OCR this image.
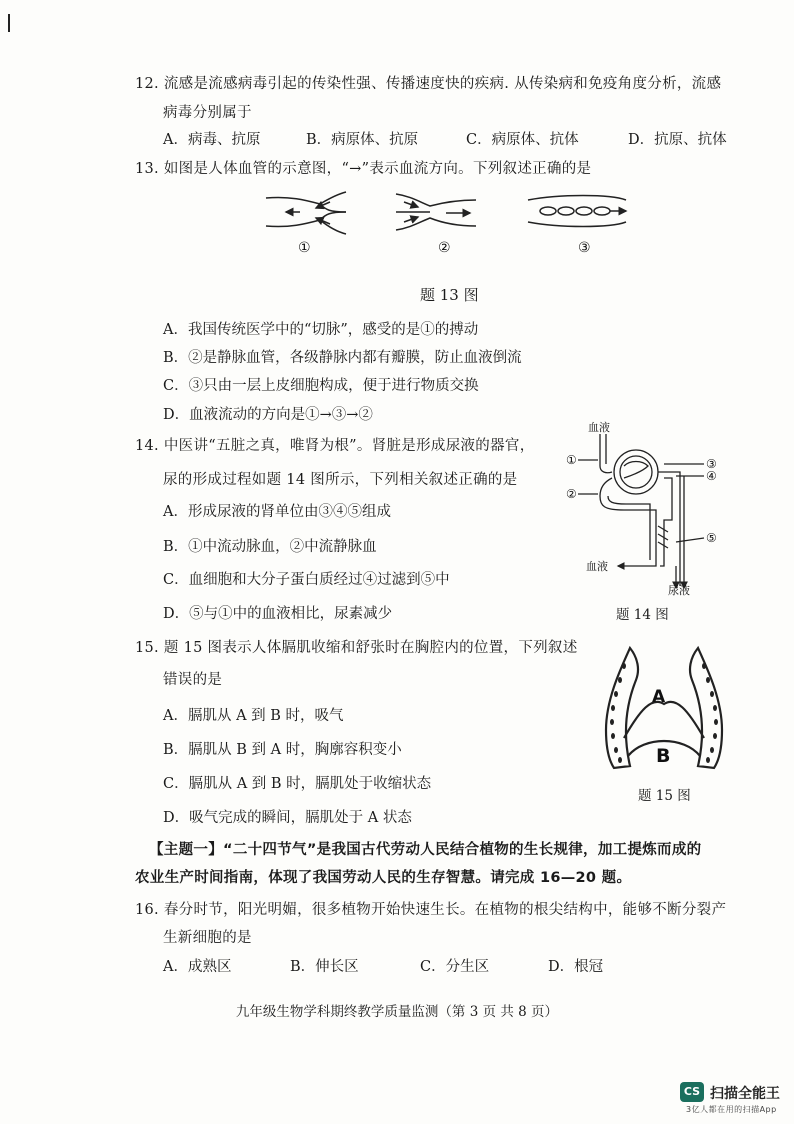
12. 流感是流感病毒引起的传染性强、传播速度快的疾病. 从传染病和免疫角度分析，流感
病毒分别属于
A．病毒、抗原	B．病原体、抗原	C．病原体、抗体	D．抗原、抗体
13. 如图是人体血管的示意图，“→”表示血流方向。下列叙述正确的是
①	②	③
题 13 图
A．我国传统医学中的“切脉”，感受的是①的搏动
B．②是静脉血管，各级静脉内都有瓣膜，防止血液倒流
C．③只由一层上皮细胞构成，便于进行物质交换
D．血液流动的方向是①→③→②
14. 中医讲“五脏之真，唯肾为根”。肾脏是形成尿液的器官，
尿的形成过程如题 14 图所示，下列相关叙述正确的是
A．形成尿液的肾单位由③④⑤组成
B．①中流动脉血，②中流静脉血
C．血细胞和大分子蛋白质经过④过滤到⑤中
D．⑤与①中的血液相比，尿素减少
血液
①
②
③
④
⑤
血液
尿液
题 14 图
15. 题 15 图表示人体膈肌收缩和舒张时在胸腔内的位置，下列叙述
错误的是
A．膈肌从 A 到 B 时，吸气
B．膈肌从 B 到 A 时，胸廓容积变小
C．膈肌从 A 到 B 时，膈肌处于收缩状态
D．吸气完成的瞬间，膈肌处于 A 状态
A
B
题 15 图
【主题一】“二十四节气”是我国古代劳动人民结合植物的生长规律，加工提炼而成的
农业生产时间指南，体现了我国劳动人民的生存智慧。请完成 16—20 题。
16. 春分时节，阳光明媚，很多植物开始快速生长。在植物的根尖结构中，能够不断分裂产
生新细胞的是
A．成熟区	B．伸长区	C．分生区	D．根冠
九年级生物学科期终教学质量监测（第 3 页 共 8 页）
CS 扫描全能王
3亿人都在用的扫描App
